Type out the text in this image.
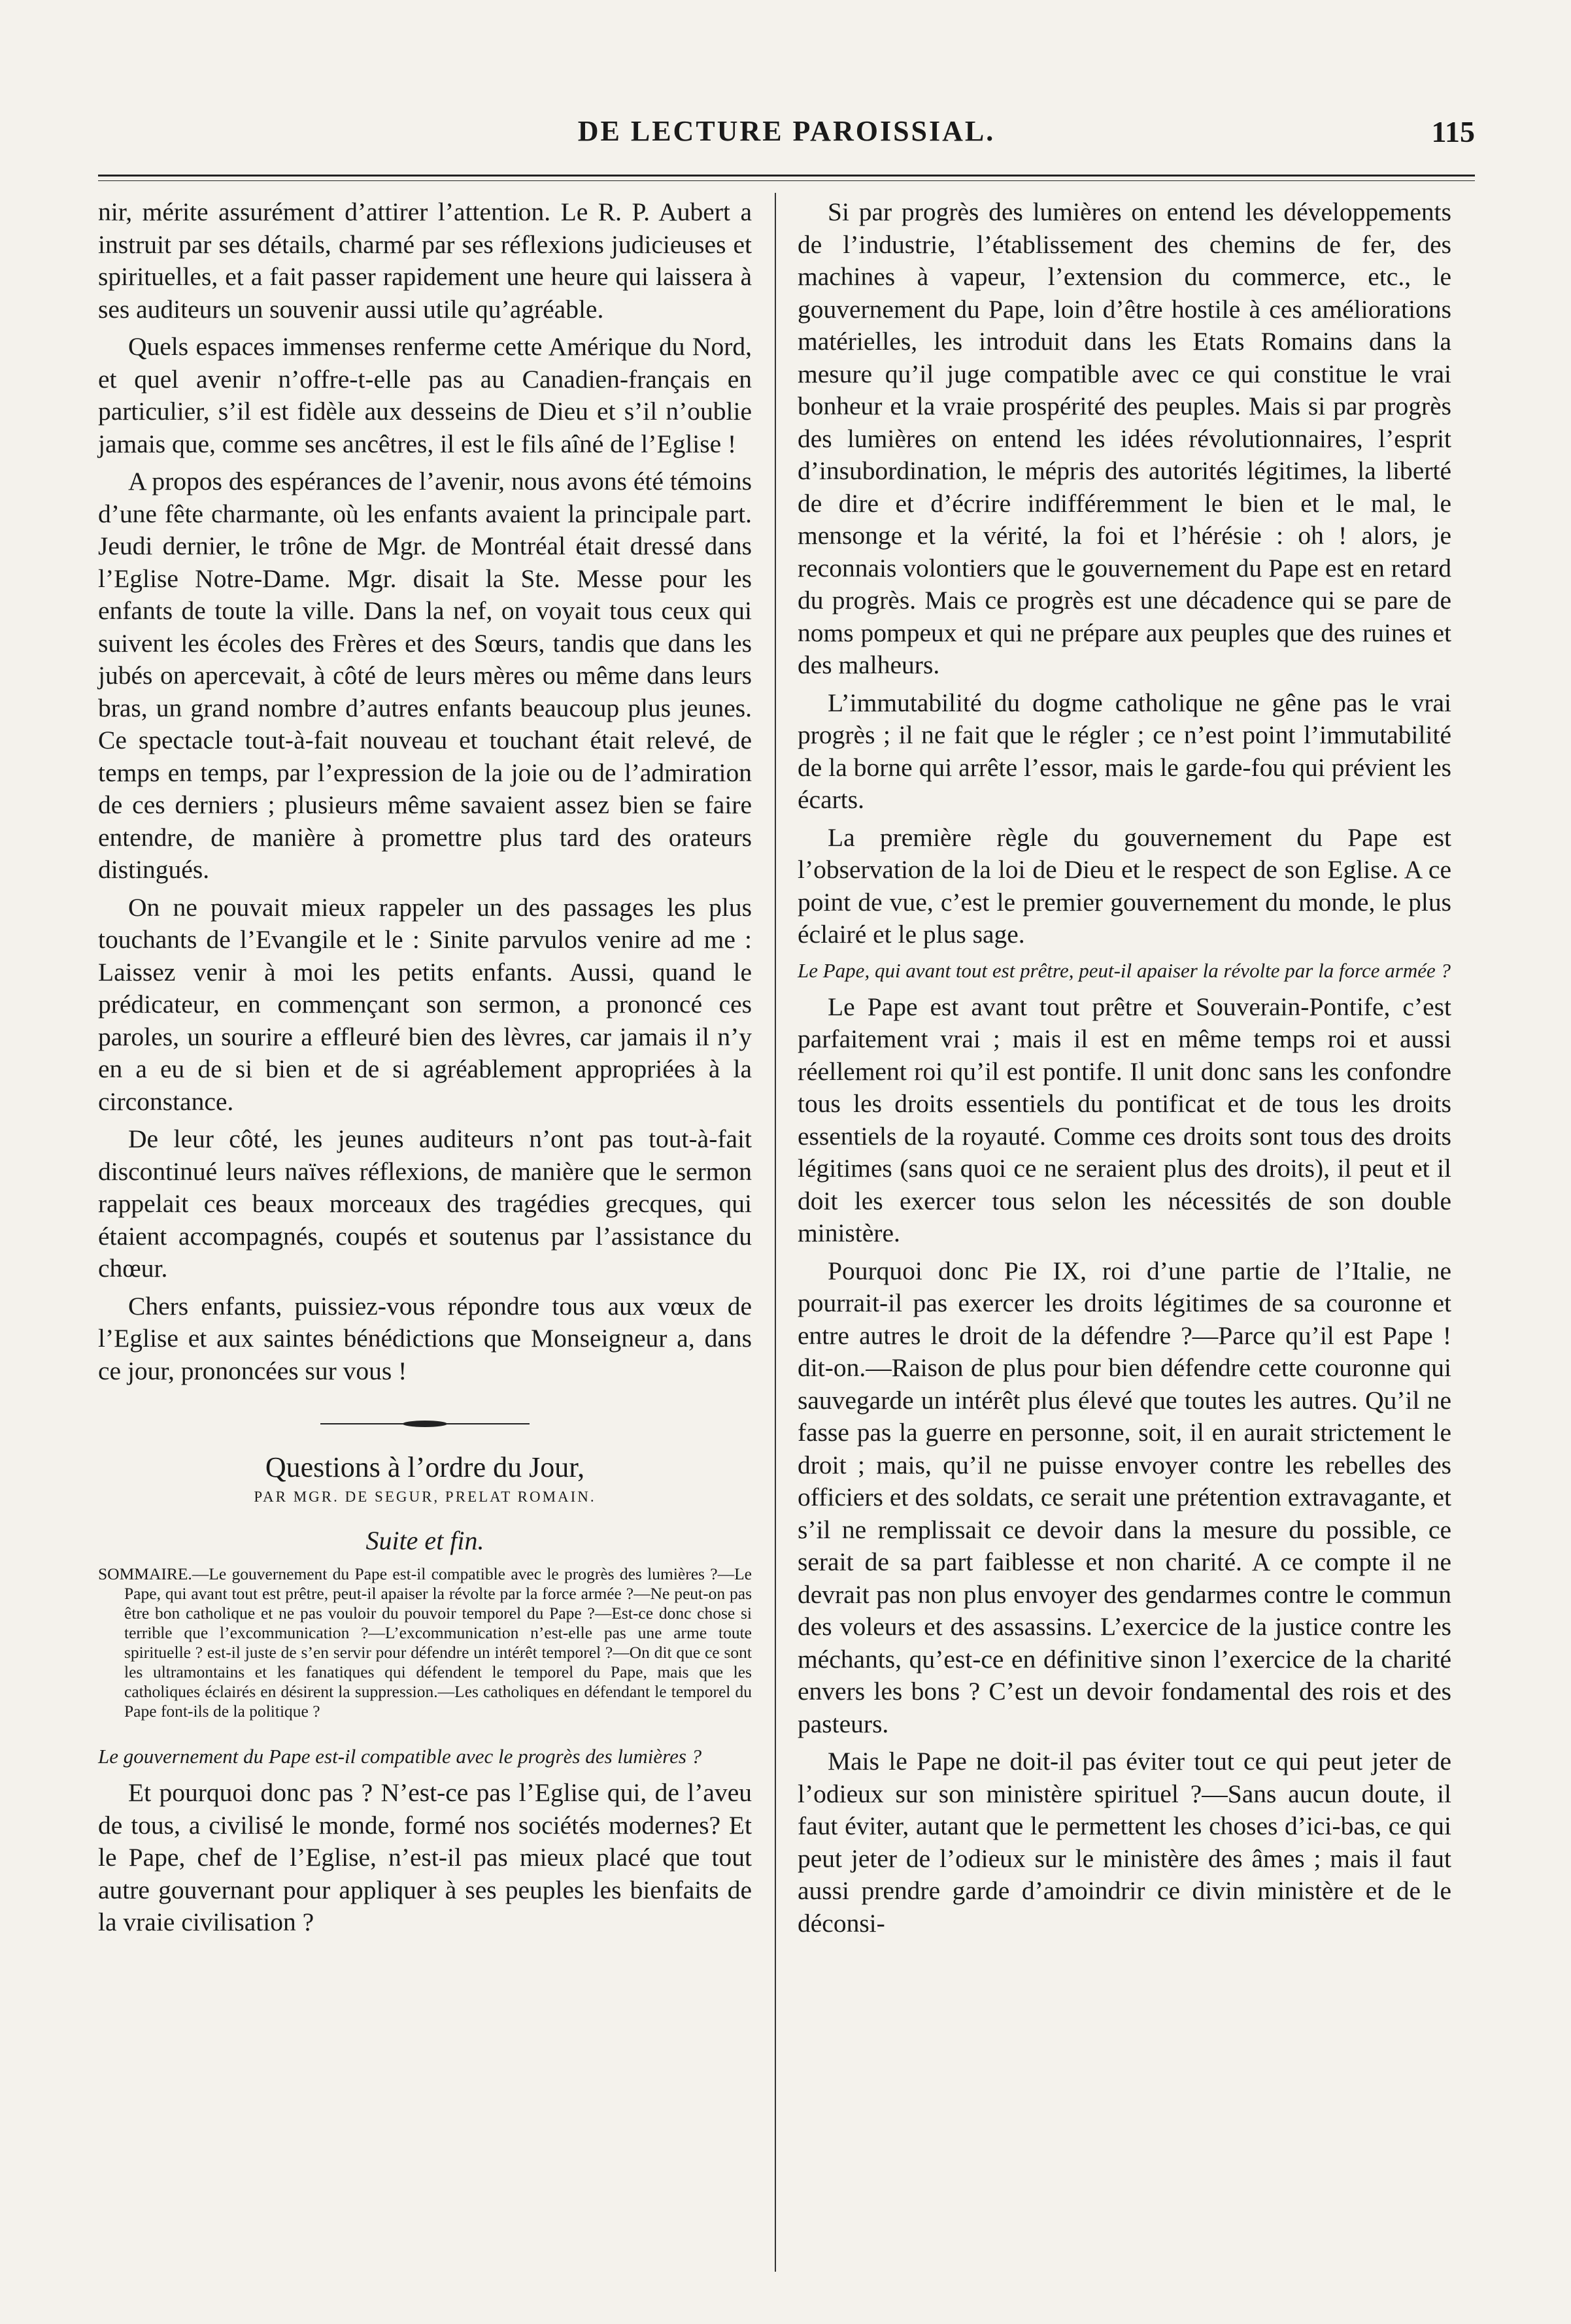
DE LECTURE PAROISSIAL.	115

nir, mérite assurément d’attirer l’attention. Le R. P. Aubert a instruit par ses détails, charmé par ses réflexions judicieuses et spirituelles, et a fait passer rapidement une heure qui laissera à ses auditeurs un souvenir aussi utile qu’agréable.

Quels espaces immenses renferme cette Amérique du Nord, et quel avenir n’offre-t-elle pas au Canadien-français en particulier, s’il est fidèle aux desseins de Dieu et s’il n’oublie jamais que, comme ses ancêtres, il est le fils aîné de l’Eglise !

A propos des espérances de l’avenir, nous avons été témoins d’une fête charmante, où les enfants avaient la principale part. Jeudi dernier, le trône de Mgr. de Montréal était dressé dans l’Eglise Notre-Dame. Mgr. disait la Ste. Messe pour les enfants de toute la ville. Dans la nef, on voyait tous ceux qui suivent les écoles des Frères et des Sœurs, tandis que dans les jubés on apercevait, à côté de leurs mères ou même dans leurs bras, un grand nombre d’autres enfants beaucoup plus jeunes. Ce spectacle tout-à-fait nouveau et touchant était relevé, de temps en temps, par l’expression de la joie ou de l’admiration de ces derniers ; plusieurs même savaient assez bien se faire entendre, de manière à promettre plus tard des orateurs distingués.

On ne pouvait mieux rappeler un des passages les plus touchants de l’Evangile et le : Sinite parvulos venire ad me : Laissez venir à moi les petits enfants. Aussi, quand le prédicateur, en commençant son sermon, a prononcé ces paroles, un sourire a effleuré bien des lèvres, car jamais il n’y en a eu de si bien et de si agréablement appropriées à la circonstance.

De leur côté, les jeunes auditeurs n’ont pas tout-à-fait discontinué leurs naïves réflexions, de manière que le sermon rappelait ces beaux morceaux des tragédies grecques, qui étaient accompagnés, coupés et soutenus par l’assistance du chœur.

Chers enfants, puissiez-vous répondre tous aux vœux de l’Eglise et aux saintes bénédictions que Monseigneur a, dans ce jour, prononcées sur vous !

Questions à l’ordre du Jour,
PAR MGR. DE SEGUR, PRELAT ROMAIN.
Suite et fin.
SOMMAIRE.—Le gouvernement du Pape est-il compatible avec le progrès des lumières ?—Le Pape, qui avant tout est prêtre, peut-il apaiser la révolte par la force armée ?—Ne peut-on pas être bon catholique et ne pas vouloir du pouvoir temporel du Pape ?—Est-ce donc chose si terrible que l’excommunication ?—L’excommunication n’est-elle pas une arme toute spirituelle ? est-il juste de s’en servir pour défendre un intérêt temporel ?—On dit que ce sont les ultramontains et les fanatiques qui défendent le temporel du Pape, mais que les catholiques éclairés en désirent la suppression.—Les catholiques en défendant le temporel du Pape font-ils de la politique ?
Le gouvernement du Pape est-il compatible avec le progrès des lumières ?

Et pourquoi donc pas ? N’est-ce pas l’Eglise qui, de l’aveu de tous, a civilisé le monde, formé nos sociétés modernes? Et le Pape, chef de l’Eglise, n’est-il pas mieux placé que tout autre gouvernant pour appliquer à ses peuples les bienfaits de la vraie civilisation ?

Si par progrès des lumières on entend les développements de l’industrie, l’établissement des chemins de fer, des machines à vapeur, l’extension du commerce, etc., le gouvernement du Pape, loin d’être hostile à ces améliorations matérielles, les introduit dans les Etats Romains dans la mesure qu’il juge compatible avec ce qui constitue le vrai bonheur et la vraie prospérité des peuples. Mais si par progrès des lumières on entend les idées révolutionnaires, l’esprit d’insubordination, le mépris des autorités légitimes, la liberté de dire et d’écrire indifféremment le bien et le mal, le mensonge et la vérité, la foi et l’hérésie : oh ! alors, je reconnais volontiers que le gouvernement du Pape est en retard du progrès. Mais ce progrès est une décadence qui se pare de noms pompeux et qui ne prépare aux peuples que des ruines et des malheurs.

L’immutabilité du dogme catholique ne gêne pas le vrai progrès ; il ne fait que le régler ; ce n’est point l’immutabilité de la borne qui arrête l’essor, mais le garde-fou qui prévient les écarts.

La première règle du gouvernement du Pape est l’observation de la loi de Dieu et le respect de son Eglise. A ce point de vue, c’est le premier gouvernement du monde, le plus éclairé et le plus sage.

Le Pape, qui avant tout est prêtre, peut-il apaiser la révolte par la force armée ?

Le Pape est avant tout prêtre et Souverain-Pontife, c’est parfaitement vrai ; mais il est en même temps roi et aussi réellement roi qu’il est pontife. Il unit donc sans les confondre tous les droits essentiels du pontificat et de tous les droits essentiels de la royauté. Comme ces droits sont tous des droits légitimes (sans quoi ce ne seraient plus des droits), il peut et il doit les exercer tous selon les nécessités de son double ministère.

Pourquoi donc Pie IX, roi d’une partie de l’Italie, ne pourrait-il pas exercer les droits légitimes de sa couronne et entre autres le droit de la défendre ?—Parce qu’il est Pape ! dit-on.—Raison de plus pour bien défendre cette couronne qui sauvegarde un intérêt plus élevé que toutes les autres. Qu’il ne fasse pas la guerre en personne, soit, il en aurait strictement le droit ; mais, qu’il ne puisse envoyer contre les rebelles des officiers et des soldats, ce serait une prétention extravagante, et s’il ne remplissait ce devoir dans la mesure du possible, ce serait de sa part faiblesse et non charité. A ce compte il ne devrait pas non plus envoyer des gendarmes contre le commun des voleurs et des assassins. L’exercice de la justice contre les méchants, qu’est-ce en définitive sinon l’exercice de la charité envers les bons ? C’est un devoir fondamental des rois et des pasteurs.

Mais le Pape ne doit-il pas éviter tout ce qui peut jeter de l’odieux sur son ministère spirituel ?—Sans aucun doute, il faut éviter, autant que le permettent les choses d’ici-bas, ce qui peut jeter de l’odieux sur le ministère des âmes ; mais il faut aussi prendre garde d’amoindrir ce divin ministère et de le déconsi-
